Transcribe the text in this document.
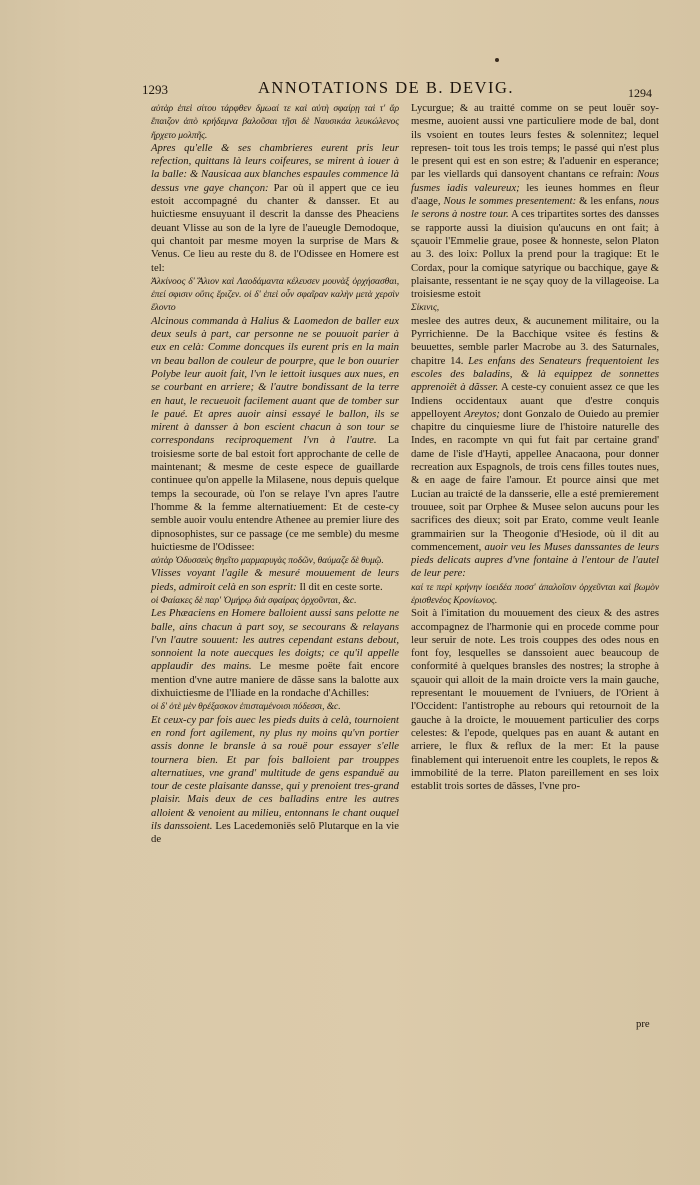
1293	ANNOTATIONS DE B. DEVIG.	1294
αὐτὰρ ἐπεὶ σίτου τάρφθεν δμωαί τε καὶ αὐτὴ σφαίρῃ ταὶ τ' ἄρ ἔπαιζον ἀπὸ κρήδεμνα βαλοῦσαι τῇσι δὲ Ναυσικάα λευκώλενος ἤρχετο μολπῆς.
Apres qu'elle & ses chambrieres eurent pris leur refection, quittans là leurs coifeures, se mirent à iouer à la balle: & Nausicaa aux blanches espaules commence là dessus vne gaye chançon: Par où il appert que ce ieu estoit accompagné du chanter & dansser. Et au huictiesme ensuyuant il descrit la dansse des Pheaciens deuant Vlisse au son de la lyre de l'aueugle Demodoque, qui chantoit par mesme moyen la surprise de Mars & Venus. Ce lieu au reste du 8. de l'Odissee en Homere est tel:
Ἀλκίνοος δ' Ἅλιον καὶ Λαοδάμαντα κέλευσεν μουνὰξ ὀρχήσασθαι, ἐπεί σφισιν οὔτις ἔριζεν. οἱ δ' ἐπεὶ οὖν σφαῖραν καλὴν μετὰ χερσὶν ἕλοντο
Alcinous commanda à Halius & Laomedon de baller eux deux seuls à part, car personne ne se pouuoit parier à eux en celà: Comme doncques ils eurent pris en la main vn beau ballon de couleur de pourpre, que le bon ouurier Polybe leur auoit fait, l'vn le iettoit iusques aux nues, en se courbant en arriere; & l'autre bondissant de la terre en haut, le recueuoit facilement auant que de tomber sur le paué. Et apres auoir ainsi essayé le ballon, ils se mirent à dansser à bon escient chacun à son tour se correspondans reciproquement l'vn à l'autre. La troisiesme sorte de bal estoit fort approchante de celle de maintenant; & mesme de ceste espece de guaillarde continuee qu'on appelle la Milasene, nous depuis quelque temps la secourade, où l'on se relaye l'vn apres l'autre l'homme & la femme alternatiuement: Et de ceste-cy semble auoir voulu entendre Athenee au premier liure des dipnosophistes, sur ce passage (ce me semble) du mesme huictiesme de l'Odissee:
αὐτὰρ Ὀδυσσεὺς θηεῖτο μαρμαρυγὰς ποδῶν, θαύμαζε δὲ θυμῷ.
Vlisses voyant l'agile & mesuré mouuement de leurs pieds, admiroit celà en son esprit: Il dit en ceste sorte.
οἱ Φαίακες δὲ παρ' Ὁμήρῳ διὰ σφαίρας ὀρχοῦνται, &c.
Les Phæaciens en Homere balloient aussi sans pelotte ne balle, ains chacun à part soy, se secourans & relayans l'vn l'autre souuent: les autres cependant estans debout, sonnoient la note auecques les doigts; ce qu'il appelle applaudir des mains. Le mesme poëte fait encore mention d'vne autre maniere de dãsse sans la balotte aux dixhuictiesme de l'Iliade en la rondache d'Achilles:
οἱ δ' ὁτὲ μὲν θρέξασκον ἐπισταμένοισι πόδεσσι, &c.
Et ceux-cy par fois auec les pieds duits à celà, tournoient en rond fort agilement, ny plus ny moins qu'vn portier assis donne le bransle à sa rouë pour essayer s'elle tournera bien. Et par fois balloient par trouppes alternatiues, vne grand' multitude de gens espanduë au tour de ceste plaisante dansse, qui y prenoient tres-grand plaisir. Mais deux de ces balladins entre les autres alloient & venoient au milieu, entonnans le chant ouquel ils danssoient. Les Lacedemoniës selõ Plutarque en la vie de
Lycurgue; & au traitté comme on se peut louër soy-mesme, auoient aussi vne particuliere mode de bal, dont ils vsoient en toutes leurs festes & solennitez; lequel represen- toit tous les trois temps; le passé qui n'est plus le present qui est en son estre; & l'aduenir en esperance; par les viellards qui dansoyent chantans ce refrain: Nous fusmes iadis valeureux; les ieunes hommes en fleur d'aage, Nous le sommes presentement: & les enfans, nous le serons à nostre tour. A ces tripartites sortes des dansses se rapporte aussi la diuision qu'aucuns en ont fait; à sçauoir l'Emmelie graue, posee & honneste, selon Platon au 3. des loix: Pollux la prend pour la tragique: Et le Cordax, pour la comique satyrique ou bacchique, gaye & plaisante, ressentant ie ne sçay quoy de la villageoise. La troisiesme estoit
Σίκινις,
meslee des autres deux, & aucunement militaire, ou la Pyrrichienne. De la Bacchique vsitee és festins & beuuettes, semble parler Macrobe au 3. des Saturnales, chapitre 14. Les enfans des Senateurs frequentoient les escoles des baladins, & là equippez de sonnettes apprenoiët à dãsser. A ceste-cy conuient assez ce que les Indiens occidentaux auant que d'estre conquis appelloyent Areytos; dont Gonzalo de Ouiedo au premier chapitre du cinquiesme liure de l'histoire naturelle des Indes, en racompte vn qui fut fait par certaine grand' dame de l'isle d'Hayti, appellee Anacaona, pour donner recreation aux Espagnols, de trois cens filles toutes nues, & en aage de faire l'amour. Et pource ainsi que met Lucian au traicté de la dansserie, elle a esté premierement trouuee, soit par Orphee & Musee selon aucuns pour les sacrifices des dieux; soit par Erato, comme veult Ieanle grammairien sur la Theogonie d'Hesiode, où il dit au commencement, auoir veu les Muses danssantes de leurs pieds delicats aupres d'vne fontaine à l'entour de l'autel de leur pere:
καί τε περὶ κρήνην ἰοειδέα ποσσ' ἁπαλοῖσιν ὀρχεῦνται καὶ βωμὸν ἐρισθενέος Κρονίωνος.
Soit à l'imitation du mouuement des cieux & des astres accompagnez de l'harmonie qui en procede comme pour leur seruir de note. Les trois couppes des odes nous en font foy, lesquelles se danssoient auec beaucoup de conformité à quelques bransles des nostres; la strophe à sçauoir qui alloit de la main droicte vers la main gauche, representant le mouuement de l'vniuers, de l'Orient à l'Occident: l'antistrophe au rebours qui retournoit de la gauche à la droicte, le mouuement particulier des corps celestes: & l'epode, quelques pas en auant & autant en arriere, le flux & reflux de la mer: Et la pause finablement qui interuenoit entre les couplets, le repos & immobilité de la terre. Platon pareillement en ses loix establit trois sortes de dãsses, l'vne pro-
pre
